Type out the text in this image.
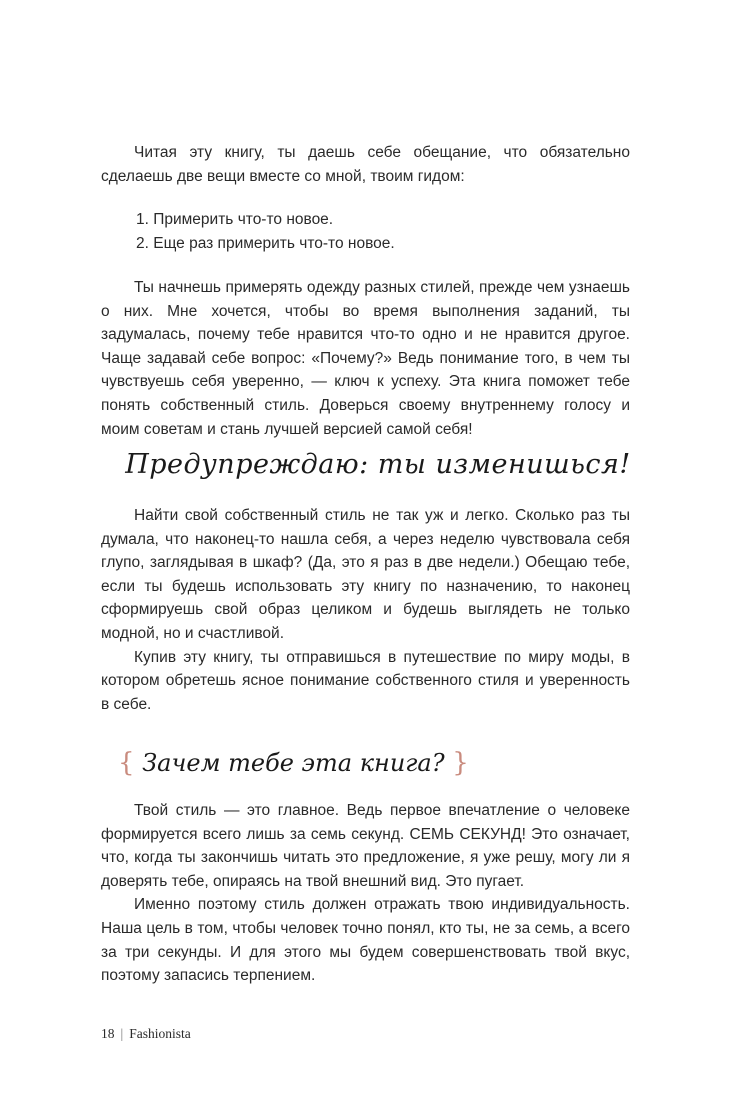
Читая эту книгу, ты даешь себе обещание, что обязательно сделаешь две вещи вместе со мной, твоим гидом:

1. Примерить что-то новое.
2. Еще раз примерить что-то новое.

Ты начнешь примерять одежду разных стилей, прежде чем узнаешь о них. Мне хочется, чтобы во время выполнения заданий, ты задумалась, почему тебе нравится что-то одно и не нравится другое. Чаще задавай себе вопрос: «Почему?» Ведь понимание того, в чем ты чувствуешь себя уверенно, — ключ к успеху. Эта книга поможет тебе понять собственный стиль. Доверься своему внутреннему голосу и моим советам и стань лучшей версией самой себя!

Предупреждаю: ты изменишься!

Найти свой собственный стиль не так уж и легко. Сколько раз ты думала, что наконец-то нашла себя, а через неделю чувствовала себя глупо, заглядывая в шкаф? (Да, это я раз в две недели.) Обещаю тебе, если ты будешь использовать эту книгу по назначению, то наконец сформируешь свой образ целиком и будешь выглядеть не только модной, но и счастливой.

Купив эту книгу, ты отправишься в путешествие по миру моды, в котором обретешь ясное понимание собственного стиля и уверенность в себе.

{ Зачем тебе эта книга? }

Твой стиль — это главное. Ведь первое впечатление о человеке формируется всего лишь за семь секунд. СЕМЬ СЕКУНД! Это означает, что, когда ты закончишь читать это предложение, я уже решу, могу ли я доверять тебе, опираясь на твой внешний вид. Это пугает.

Именно поэтому стиль должен отражать твою индивидуальность. Наша цель в том, чтобы человек точно понял, кто ты, не за семь, а всего за три секунды. И для этого мы будем совершенствовать твой вкус, поэтому запасись терпением.

18 | Fashionista
